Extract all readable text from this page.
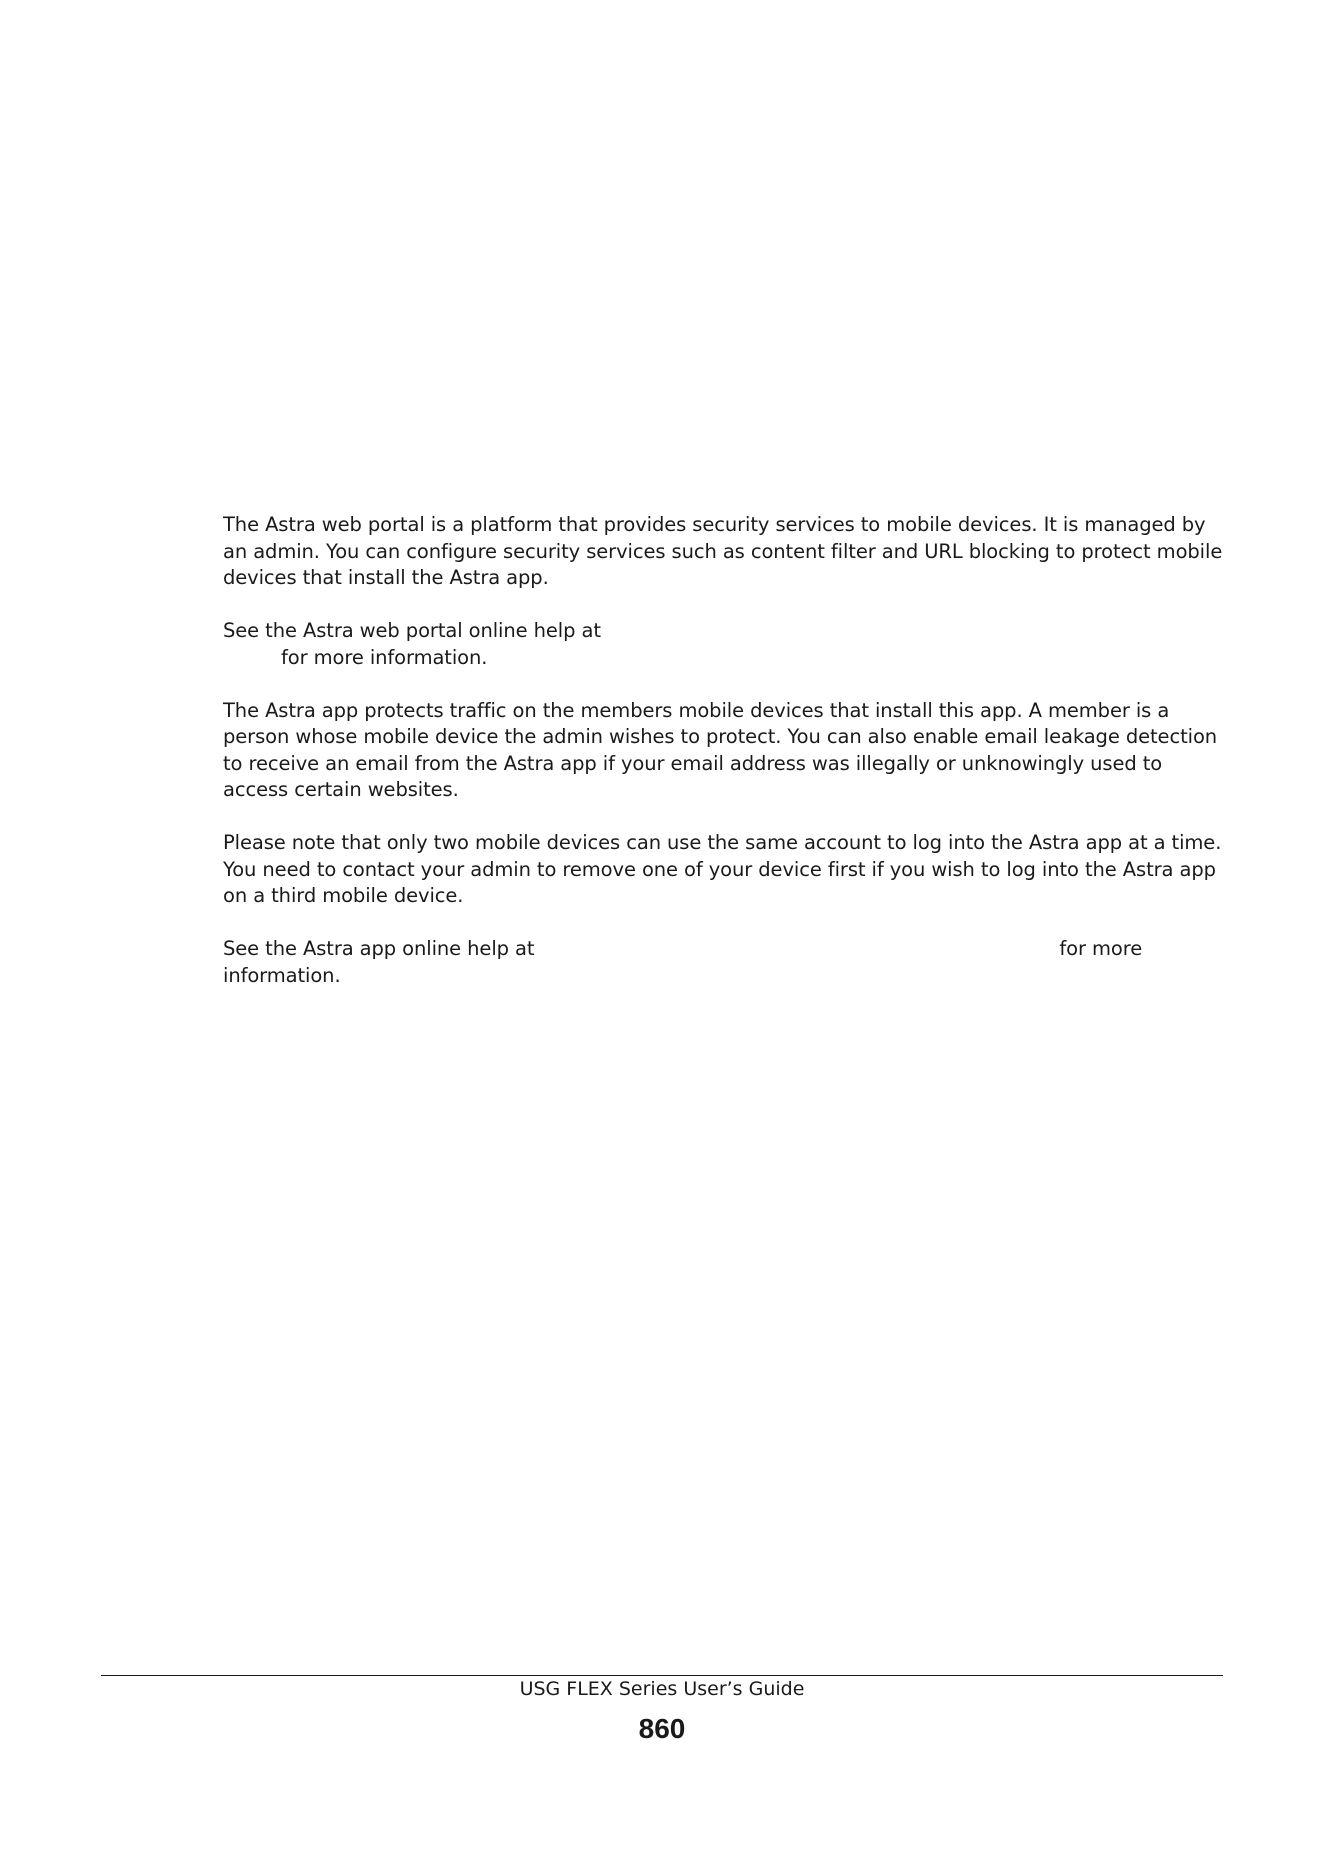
The Astra web portal is a platform that provides security services to mobile devices. It is managed by an admin. You can configure security services such as content filter and URL blocking to protect mobile devices that install the Astra app.

See the Astra web portal online help at
for more information.

The Astra app protects traffic on the members mobile devices that install this app. A member is a person whose mobile device the admin wishes to protect. You can also enable email leakage detection to receive an email from the Astra app if your email address was illegally or unknowingly used to access certain websites.

Please note that only two mobile devices can use the same account to log into the Astra app at a time. You need to contact your admin to remove one of your device first if you wish to log into the Astra app on a third mobile device.

See the Astra app online help at	for more information.

USG FLEX Series User’s Guide
860
